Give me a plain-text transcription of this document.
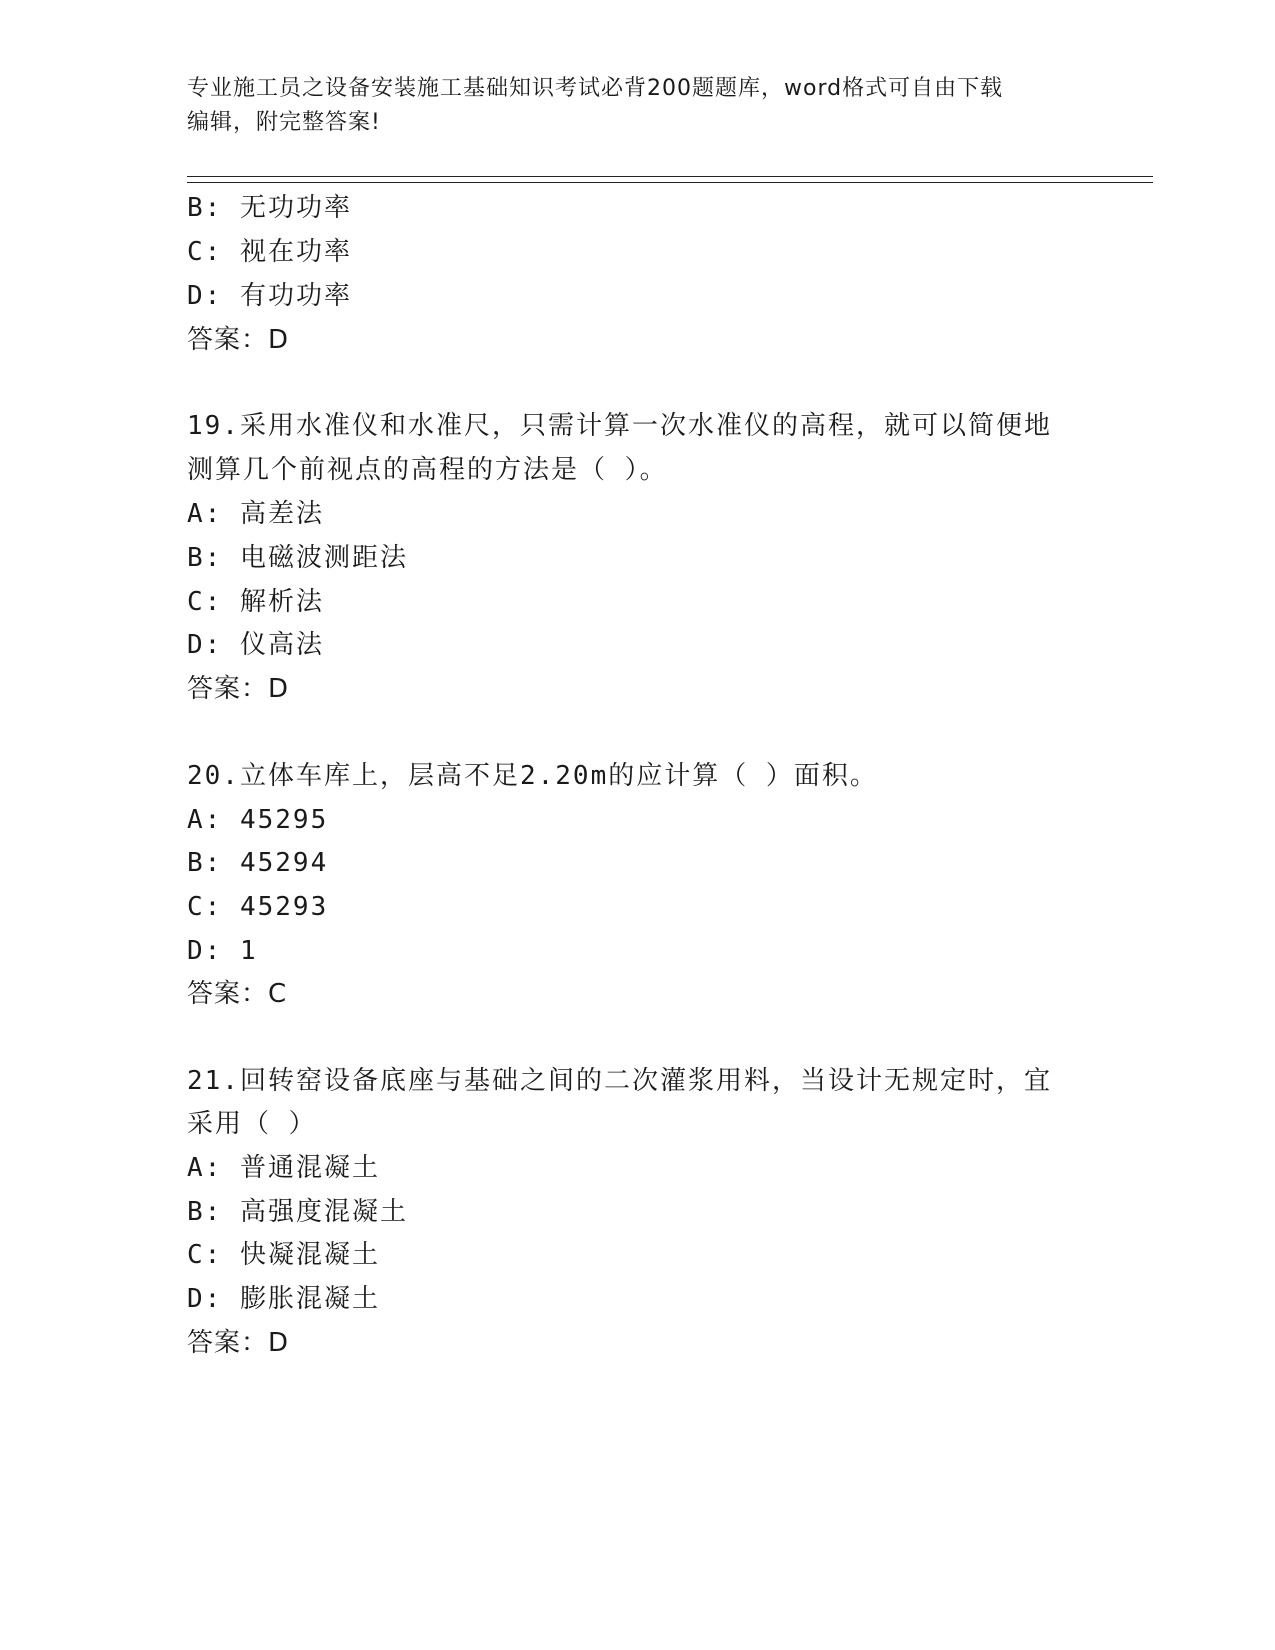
专业施工员之设备安装施工基础知识考试必背200题题库，word格式可自由下载
编辑，附完整答案!
B: 无功功率
C: 视在功率
D: 有功功率
答案：D
19.采用水准仪和水准尺，只需计算一次水准仪的高程，就可以简便地
测算几个前视点的高程的方法是（ ）。
A: 高差法
B: 电磁波测距法
C: 解析法
D: 仪高法
答案：D
20.立体车库上，层高不足2.20m的应计算（ ）面积。
A: 45295
B: 45294
C: 45293
D: 1
答案：C
21.回转窑设备底座与基础之间的二次灌浆用料，当设计无规定时，宜
采用（ ）
A: 普通混凝土
B: 高强度混凝土
C: 快凝混凝土
D: 膨胀混凝土
答案：D
